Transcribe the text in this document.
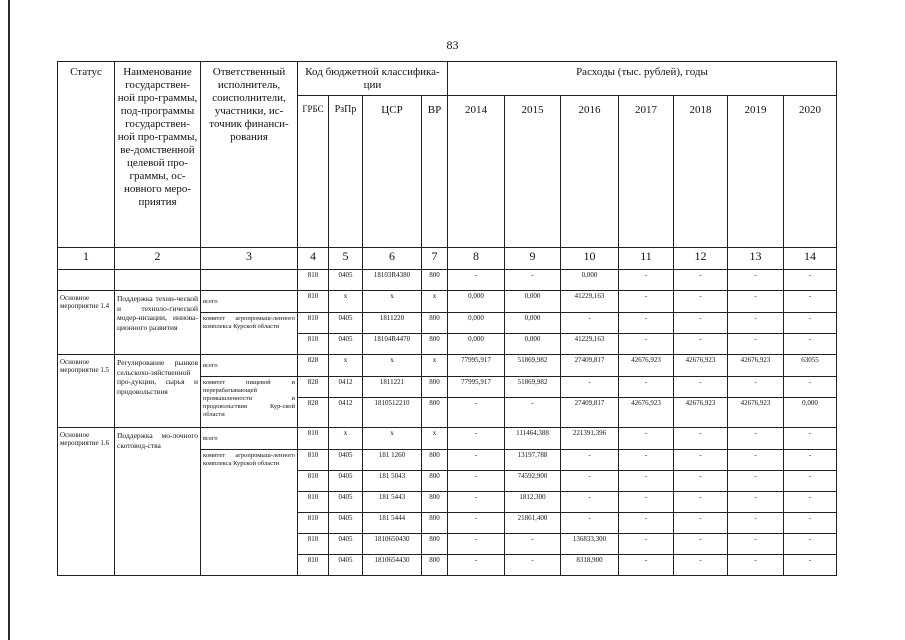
83
Статус	Наименование государствен-ной про-граммы, под-программы государствен-ной про-граммы, ве-домственной целевой про-граммы, ос-новного меро-приятия	Ответственный исполнитель, соисполнители, участники, ис-точник финанси-рования	Код бюджетной классифика-ции				Расходы (тыс. рублей), годы						
			ГРБС	РзПр	ЦСР	ВР	2014	2015	2016	2017	2018	2019	2020
1	2	3	4	5	6	7	8	9	10	11	12	13	14
			810	0405	18103R4380	800	-	-	0,000	-	-	-	-
Основное мероприятие 1.4	Поддержка техни-ческой и техноло-гической модер-низации, иннова-ционного развития	всего	810	x	x	x	0,000	0,000	41229,163	-	-	-	-
		комитет агропромыш-ленного комплекса Курской области	810	0405	1811220	800	0,000	0,000	-	-	-	-	-
			810	0405	18104R4470	800	0,000	0,000	41229,163	-	-	-	-
Основное мероприятие 1.5	Регулирование рынков сельскохо-зяйственной про-дукции, сырья и продовольствия	всего	828	x	x	x	77995,917	51869,982	27409,817	42676,923	42676,923	42676,923	63055
		комитет пищевой и перерабатывающей промышленности и продовольствия Кур-ской области	828	0412	1811221	800	77995,917	51869,982	-	-	-	-	-
			828	0412	1810512210	800	-	-	27409,817	42676,923	42676,923	42676,923	0,000
Основное мероприятие 1.6	Поддержка мо-лочного скотовод-ства	всего	810	x	x	x	-	111464,388	221391,396	-	-	-	-
		комитет агропромыш-ленного комплекса Курской области	810	0405	181 1260	800	-	13197,788	-	-	-	-	-
			810	0405	181 5043	800	-	74592,900	-	-	-	-	-
			810	0405	181 5443	800	-	1812,300	-	-	-	-	-
			810	0405	181 5444	800	-	21861,400	-	-	-	-	-
			810	0405	1810650430	800	-	-	136833,300	-	-	-	-
			810	0405	1810654430	800	-	-	8318,900	-	-	-	-
